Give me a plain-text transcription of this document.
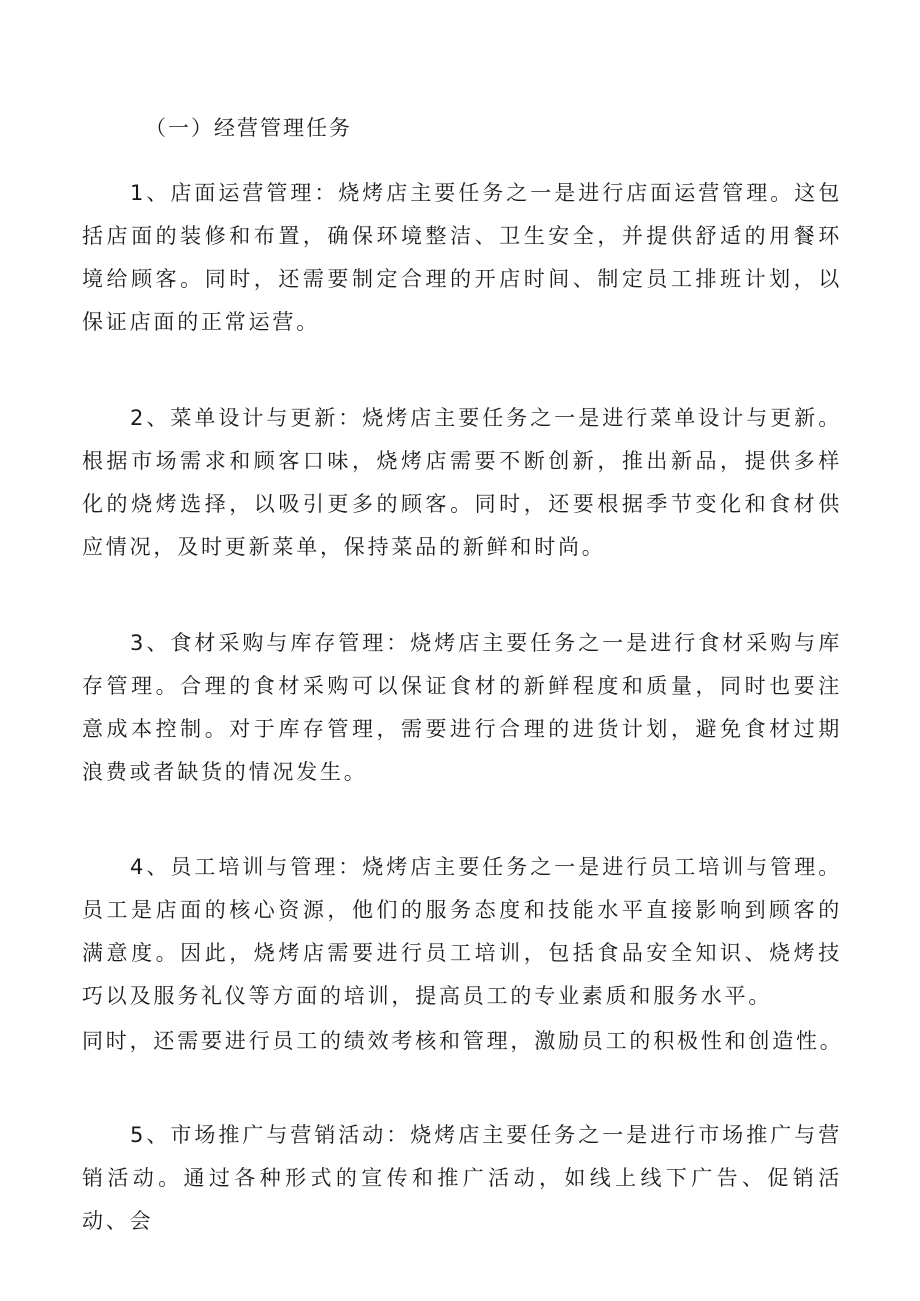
（一）经营管理任务
1、店面运营管理：烧烤店主要任务之一是进行店面运营管理。这包括店面的装修和布置，确保环境整洁、卫生安全，并提供舒适的用餐环境给顾客。同时，还需要制定合理的开店时间、制定员工排班计划，以保证店面的正常运营。
2、菜单设计与更新：烧烤店主要任务之一是进行菜单设计与更新。根据市场需求和顾客口味，烧烤店需要不断创新，推出新品，提供多样化的烧烤选择，以吸引更多的顾客。同时，还要根据季节变化和食材供应情况，及时更新菜单，保持菜品的新鲜和时尚。
3、食材采购与库存管理：烧烤店主要任务之一是进行食材采购与库存管理。合理的食材采购可以保证食材的新鲜程度和质量，同时也要注意成本控制。对于库存管理，需要进行合理的进货计划，避免食材过期浪费或者缺货的情况发生。
4、员工培训与管理：烧烤店主要任务之一是进行员工培训与管理。员工是店面的核心资源，他们的服务态度和技能水平直接影响到顾客的满意度。因此，烧烤店需要进行员工培训，包括食品安全知识、烧烤技巧以及服务礼仪等方面的培训，提高员工的专业素质和服务水平。
同时，还需要进行员工的绩效考核和管理，激励员工的积极性和创造性。
5、市场推广与营销活动：烧烤店主要任务之一是进行市场推广与营销活动。通过各种形式的宣传和推广活动，如线上线下广告、促销活动、会
